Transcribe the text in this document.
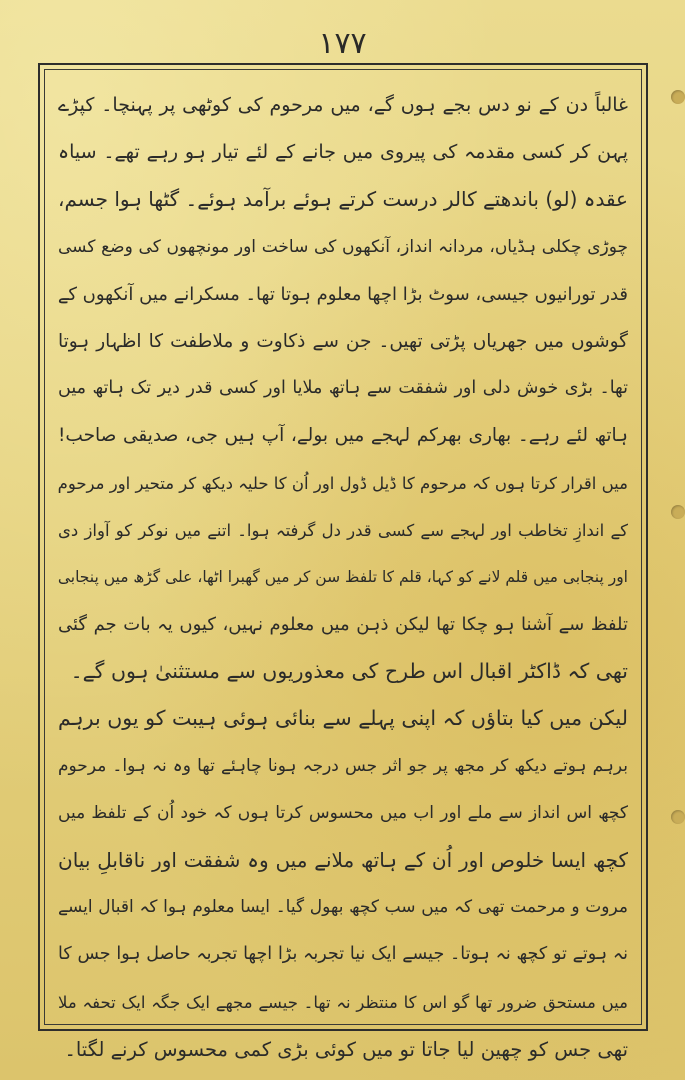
۱۷۷
غالباً دن کے نو دس بجے ہوں گے، میں مرحوم کی کوٹھی پر پہنچا۔ کپڑے
پہن کر کسی مقدمہ کی پیروی میں جانے کے لئے تیار ہو رہے تھے۔ سیاہ
عقدہ (لو) باندھتے کالر درست کرتے ہوئے برآمد ہوئے۔ گٹھا ہوا جسم،
چوڑی چکلی ہڈیاں، مردانہ انداز، آنکھوں کی ساخت اور مونچھوں کی وضع کسی
قدر تورانیوں جیسی، سوٹ بڑا اچھا معلوم ہوتا تھا۔ مسکرانے میں آنکھوں کے
گوشوں میں جھریاں پڑتی تھیں۔ جن سے ذکاوت و ملاطفت کا اظہار ہوتا
تھا۔ بڑی خوش دلی اور شفقت سے ہاتھ ملایا اور کسی قدر دیر تک ہاتھ میں
ہاتھ لئے رہے۔ بھاری بھرکم لہجے میں بولے، آپ ہیں جی، صدیقی صاحب!
میں اقرار کرتا ہوں کہ مرحوم کا ڈیل ڈول اور اُن کا حلیہ دیکھ کر متحیر اور مرحوم
کے اندازِ تخاطب اور لہجے سے کسی قدر دل گرفتہ ہوا۔ اتنے میں نوکر کو آواز دی
اور پنجابی میں قلم لانے کو کہا، قلم کا تلفظ سن کر میں گھبرا اٹھا، علی گڑھ میں پنجابی
تلفظ سے آشنا ہو چکا تھا لیکن ذہن میں معلوم نہیں، کیوں یہ بات جم گئی
تھی کہ ڈاکٹر اقبال اس طرح کی معذوریوں سے مستثنیٰ ہوں گے۔
لیکن میں کیا بتاؤں کہ اپنی پہلے سے بنائی ہوئی ہیبت کو یوں برہم
برہم ہوتے دیکھ کر مجھ پر جو اثر جس درجہ ہونا چاہئے تھا وہ نہ ہوا۔ مرحوم
کچھ اس انداز سے ملے اور اب میں محسوس کرتا ہوں کہ خود اُن کے تلفظ میں
کچھ ایسا خلوص اور اُن کے ہاتھ ملانے میں وہ شفقت اور ناقابلِ بیان
مروت و مرحمت تھی کہ میں سب کچھ بھول گیا۔ ایسا معلوم ہوا کہ اقبال ایسے
نہ ہوتے تو کچھ نہ ہوتا۔ جیسے ایک نیا تجربہ بڑا اچھا تجربہ حاصل ہوا جس کا
میں مستحق ضرور تھا گو اس کا منتظر نہ تھا۔ جیسے مجھے ایک جگہ ایک تحفہ ملا
تھی جس کو چھین لیا جاتا تو میں کوئی بڑی کمی محسوس کرنے لگتا۔
